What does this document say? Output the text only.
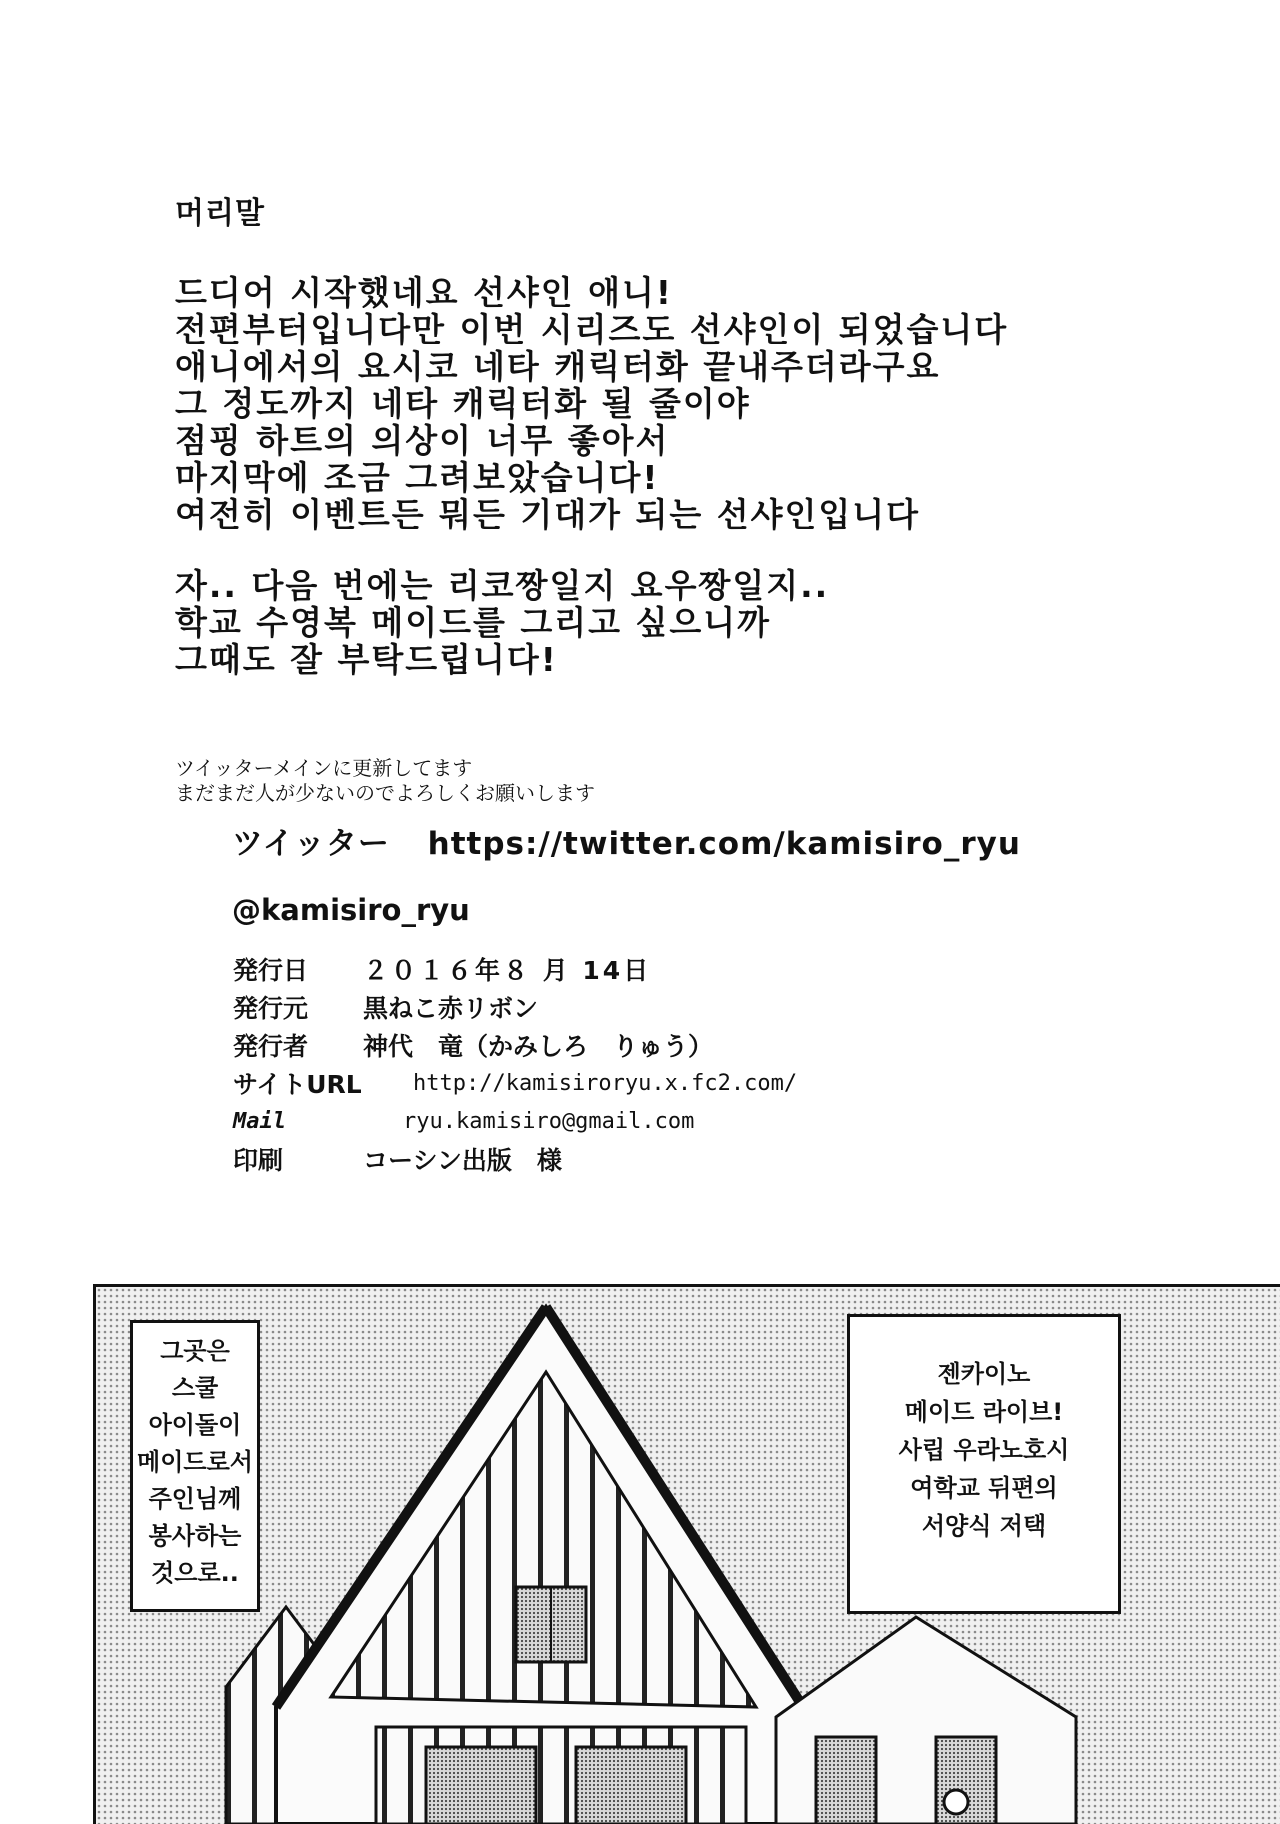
머리말
드디어 시작했네요 선샤인 애니!
전편부터입니다만 이번 시리즈도 선샤인이 되었습니다
애니에서의 요시코 네타 캐릭터화 끝내주더라구요
그 정도까지 네타 캐릭터화 될 줄이야
점핑 하트의 의상이 너무 좋아서
마지막에 조금 그려보았습니다!
여전히 이벤트든 뭐든 기대가 되는 선샤인입니다
자.. 다음 번에는 리코짱일지 요우짱일지..
학교 수영복 메이드를 그리고 싶으니까
그때도 잘 부탁드립니다!
ツイッターメインに更新してます
まだまだ人が少ないのでよろしくお願いします
ツイッター https://twitter.com/kamisiro_ryu
@kamisiro_ryu
発行日	２０１６年８ 月 14日
発行元	黒ねこ赤リボン
発行者	神代　竜（かみしろ　りゅう）
サイトURL	http://kamisiroryu.x.fc2.com/
Mail	ryu.kamisiro@gmail.com
印刷	コーシン出版　様
그곳은
스쿨
아이돌이
메이드로서
주인님께
봉사하는
것으로..
젠카이노
메이드 라이브!
사립 우라노호시
여학교 뒤편의
서양식 저택
